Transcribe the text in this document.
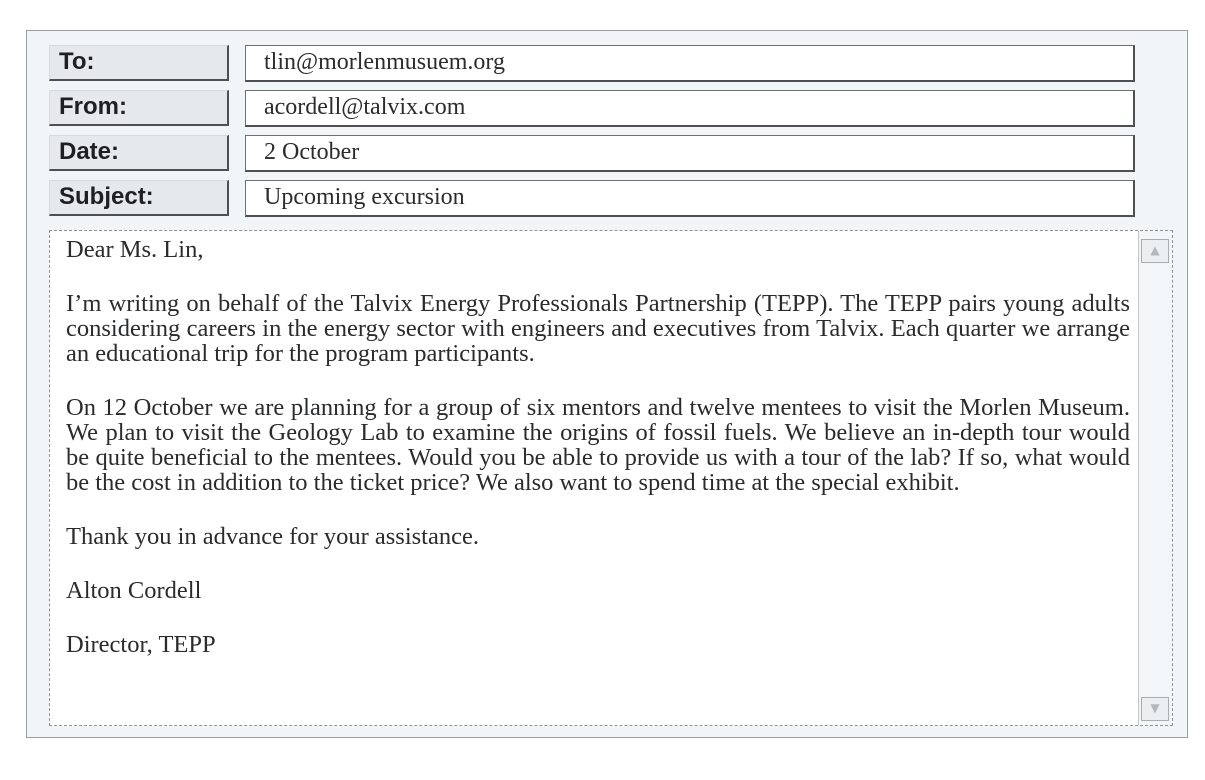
To:	tlin@morlenmusuem.org
From:	acordell@talvix.com
Date:	2 October
Subject:	Upcoming excursion

Dear Ms. Lin,

I’m writing on behalf of the Talvix Energy Professionals Partnership (TEPP). The TEPP pairs young adults considering careers in the energy sector with engineers and executives from Talvix. Each quarter we arrange an educational trip for the program participants.

On 12 October we are planning for a group of six mentors and twelve mentees to visit the Morlen Museum. We plan to visit the Geology Lab to examine the origins of fossil fuels. We believe an in-depth tour would be quite beneficial to the mentees. Would you be able to provide us with a tour of the lab? If so, what would be the cost in addition to the ticket price? We also want to spend time at the special exhibit.

Thank you in advance for your assistance.

Alton Cordell

Director, TEPP

▲
▼
